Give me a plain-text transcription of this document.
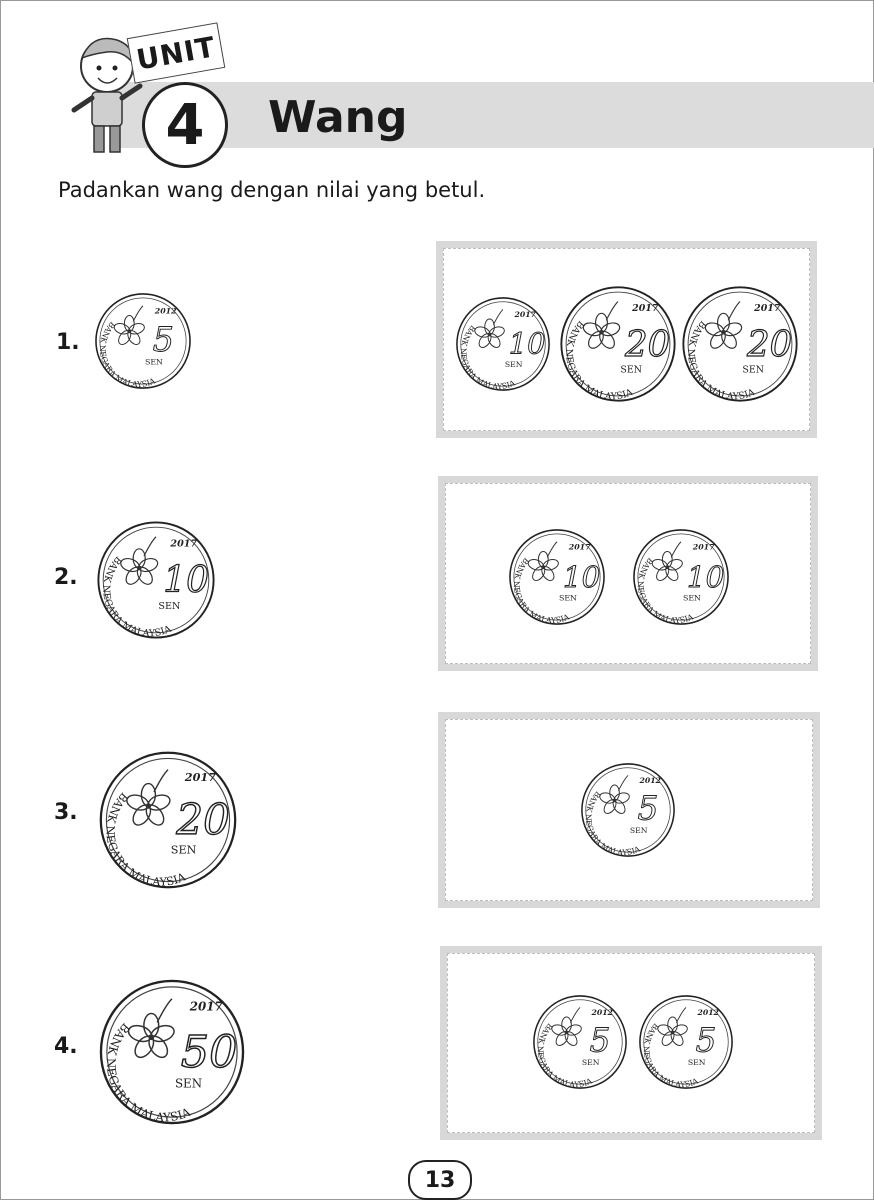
UNIT
4	Wang
Padankan wang dengan nilai yang betul.
1.
2.
3.
4.
BANK NEGARA MALAYSIA
2012
5
SEN
BANK NEGARA MALAYSIA
2017
10
SEN
BANK NEGARA MALAYSIA
2017
20
SEN
BANK NEGARA MALAYSIA
2017
50
SEN
BANK NEGARA MALAYSIA
2017
10
SEN
BANK NEGARA MALAYSIA
2017
20
SEN
BANK NEGARA MALAYSIA
2017
20
SEN
BANK NEGARA MALAYSIA
2017
10
SEN
BANK NEGARA MALAYSIA
2017
10
SEN
BANK NEGARA MALAYSIA
2012
5
SEN
BANK NEGARA MALAYSIA
2012
5
SEN
BANK NEGARA MALAYSIA
2012
5
SEN
13
